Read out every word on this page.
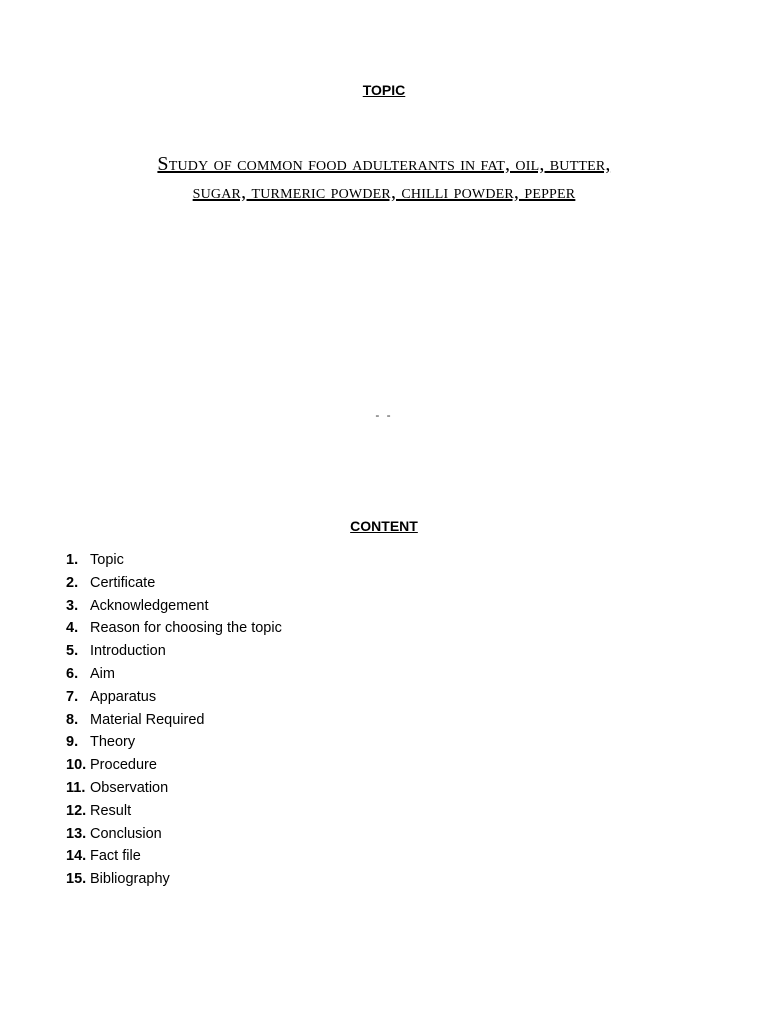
TOPIC
Study of common food adulterants in fat, oil, butter,
sugar, turmeric powder, chilli powder, pepper
- -
CONTENT
1. Topic
2. Certificate
3. Acknowledgement
4. Reason for choosing the topic
5. Introduction
6. Aim
7. Apparatus
8. Material Required
9. Theory
10. Procedure
11. Observation
12. Result
13. Conclusion
14. Fact file
15. Bibliography
